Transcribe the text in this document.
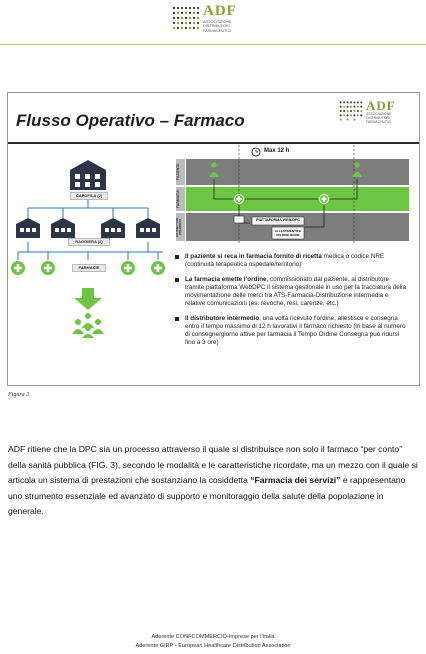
ADF
ASSOCIAZIONE DISTRIBUTORI FARMACEUTICI
Flusso Operativo – Farmaco
ADF
ASSOCIAZIONE DISTRIBUTORI FARMACEUTICI
CAPOFILA (2)
RAGGIERA (2)
FARMACIE
Max 12 h
PAZIENTE
FARMACIA
DISTRIBUTORE INTERMEDIO	PIATTAFORMA WEB-DPC
ALLESTIMENTO E DISTRIBUZIONE
Il paziente si reca in farmacia fornito di ricetta medica o codice NRE (continuità terapeutica ospedale/territorio)
La farmacia emette l’ordine, commissionato dal paziente, al distributore tramite piattaforma WebDPC il sistema gestionale in uso per la tracciatura della movimentazione delle merci tra ATS-Farmacia-Distribuzione intermedia e relative comunicazioni (es. revoche, resi, carenze, etc.)
Il distributore intermedio, una volta ricevuto l’ordine, allestisce e consegna entro il tempo massimo di 12 h lavorativi il farmaco richiesto (in base al numero di consegne/giorno attive per farmacia il Tempo Ordine Consegna può ridursi fino a 3 ore)
Figura 3

ADF ritiene che la DPC sia un processo attraverso il quale si distribuisce non solo il farmaco “per conto” della sanità pubblica (FIG. 3), secondo le modalità e le caratteristiche ricordate, ma un mezzo con il quale si articola un sistema di prestazioni che sostanziano la cosiddetta “Farmacia dei servizi” e rappresentano uno strumento essenziale ed avanzato di supporto e monitoraggio della salute della popolazione in generale.

Aderente CONFCOMMERCIO-Imprese per l’Italia
Aderente GIRP - European Healthcare Distribution Association
